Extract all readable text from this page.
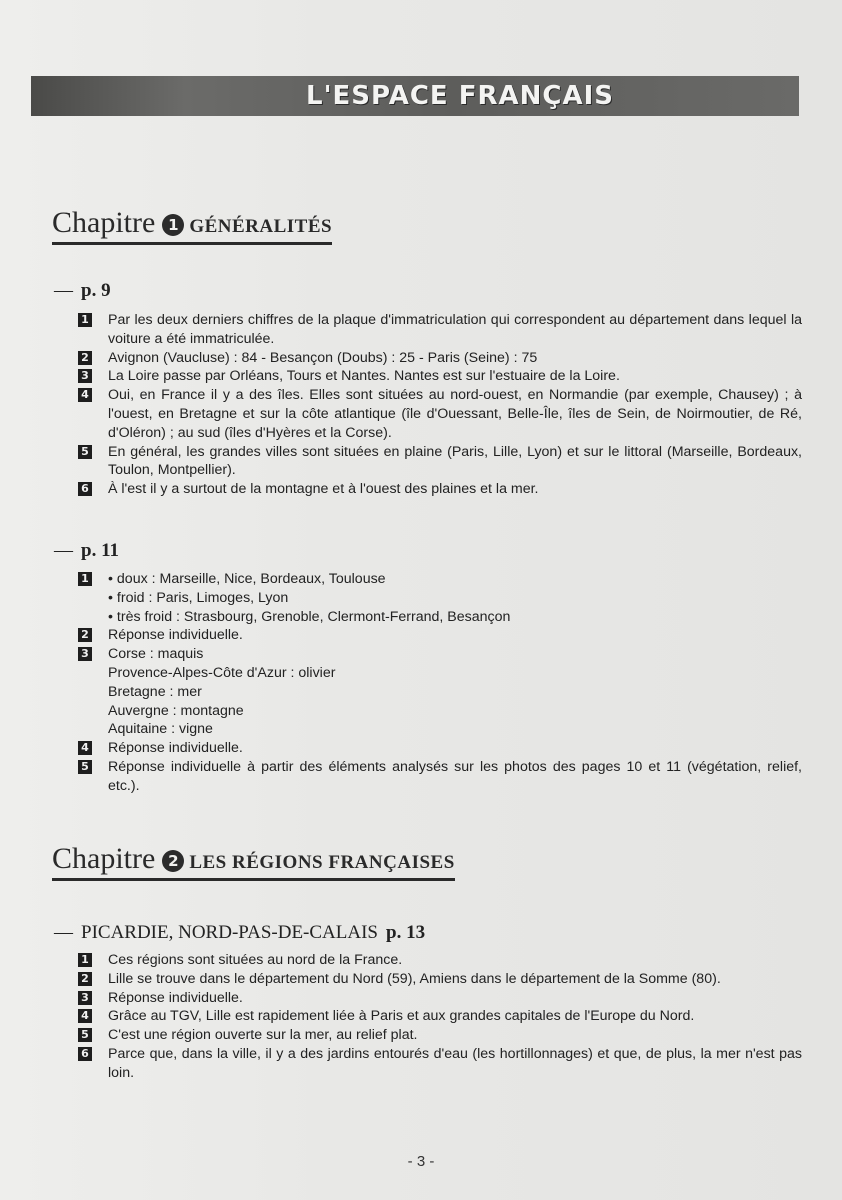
L'ESPACE FRANÇAIS
Chapitre 1 GÉNÉRALITÉS
— p. 9
1 Par les deux derniers chiffres de la plaque d'immatriculation qui correspondent au département dans lequel la voiture a été immatriculée.
2 Avignon (Vaucluse) : 84 - Besançon (Doubs) : 25 - Paris (Seine) : 75
3 La Loire passe par Orléans, Tours et Nantes. Nantes est sur l'estuaire de la Loire.
4 Oui, en France il y a des îles. Elles sont situées au nord-ouest, en Normandie (par exemple, Chausey) ; à l'ouest, en Bretagne et sur la côte atlantique (île d'Ouessant, Belle-Île, îles de Sein, de Noirmoutier, de Ré, d'Oléron) ; au sud (îles d'Hyères et la Corse).
5 En général, les grandes villes sont situées en plaine (Paris, Lille, Lyon) et sur le littoral (Marseille, Bordeaux, Toulon, Montpellier).
6 À l'est il y a surtout de la montagne et à l'ouest des plaines et la mer.
— p. 11
1 • doux : Marseille, Nice, Bordeaux, Toulouse
• froid : Paris, Limoges, Lyon
• très froid : Strasbourg, Grenoble, Clermont-Ferrand, Besançon
2 Réponse individuelle.
3 Corse : maquis
Provence-Alpes-Côte d'Azur : olivier
Bretagne : mer
Auvergne : montagne
Aquitaine : vigne
4 Réponse individuelle.
5 Réponse individuelle à partir des éléments analysés sur les photos des pages 10 et 11 (végétation, relief, etc.).
Chapitre 2 LES RÉGIONS FRANÇAISES
— PICARDIE, NORD-PAS-DE-CALAIS p. 13
1 Ces régions sont situées au nord de la France.
2 Lille se trouve dans le département du Nord (59), Amiens dans le département de la Somme (80).
3 Réponse individuelle.
4 Grâce au TGV, Lille est rapidement liée à Paris et aux grandes capitales de l'Europe du Nord.
5 C'est une région ouverte sur la mer, au relief plat.
6 Parce que, dans la ville, il y a des jardins entourés d'eau (les hortillonnages) et que, de plus, la mer n'est pas loin.
- 3 -
